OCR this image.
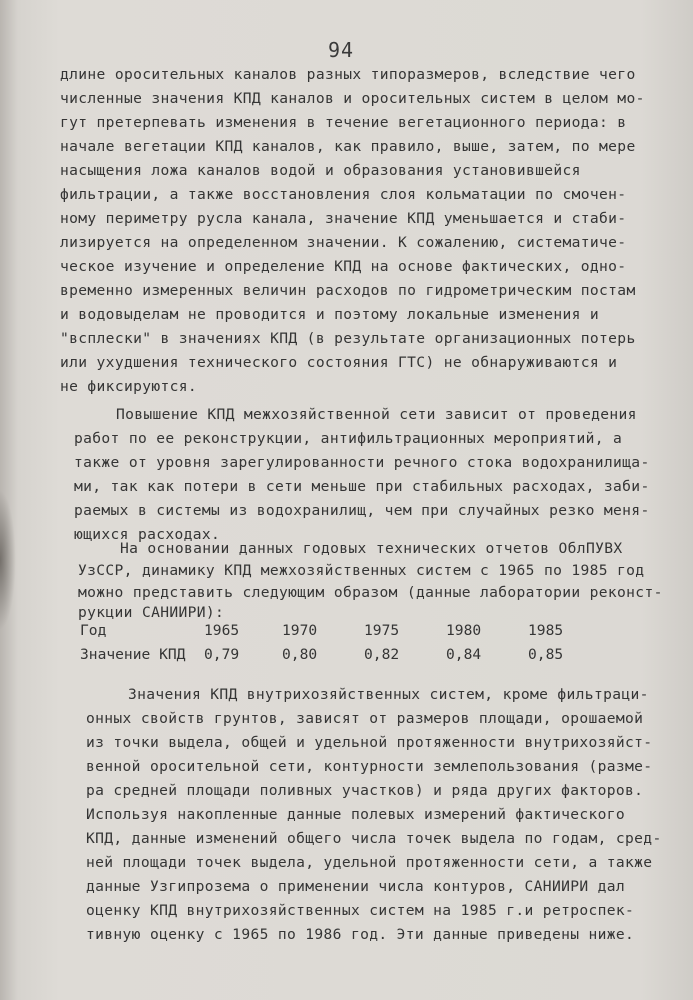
94
длине оросительных каналов разных типоразмеров, вследствие чего
численные значения КПД каналов и оросительных систем в целом мо-
гут претерпевать изменения в течение вегетационного периода: в
начале вегетации КПД каналов, как правило, выше, затем, по мере
насыщения ложа каналов водой и образования установившейся
фильтрации, а также восстановления слоя кольматации по смочен-
ному периметру русла канала, значение КПД уменьшается и стаби-
лизируется на определенном значении. К сожалению, систематиче-
ческое изучение и определение КПД на основе фактических, одно-
временно измеренных величин расходов по гидрометрическим постам
и водовыделам не проводится и поэтому локальные изменения и
"всплески" в значениях КПД (в результате организационных потерь
или ухудшения технического состояния ГТС) не обнаруживаются и
не фиксируются.
Повышение КПД межхозяйственной сети зависит от проведения
работ по ее реконструкции, антифильтрационных мероприятий, а
также от уровня зарегулированности речного стока водохранилища-
ми, так как потери в сети меньше при стабильных расходах, заби-
раемых в системы из водохранилищ, чем при случайных резко меня-
ющихся расходах.
На основании данных годовых технических отчетов ОблПУВХ
УзССР, динамику КПД межхозяйственных систем с 1965 по 1985 год
можно представить следующим образом (данные лаборатории реконст-
рукции САНИИРИ):
Год	1965	1970	1975	1980	1985
Значение КПД 0,79	0,80	0,82	0,84	0,85
Значения КПД внутрихозяйственных систем, кроме фильтраци-
онных свойств грунтов, зависят от размеров площади, орошаемой
из точки выдела, общей и удельной протяженности внутрихозяйст-
венной оросительной сети, контурности землепользования (разме-
ра средней площади поливных участков) и ряда других факторов.
Используя накопленные данные полевых измерений фактического
КПД, данные изменений общего числа точек выдела по годам, сред-
ней площади точек выдела, удельной протяженности сети, а также
данные Узгипрозема о применении числа контуров, САНИИРИ дал
оценку КПД внутрихозяйственных систем на 1985 г.и ретроспек-
тивную оценку с 1965 по 1986 год. Эти данные приведены ниже.
